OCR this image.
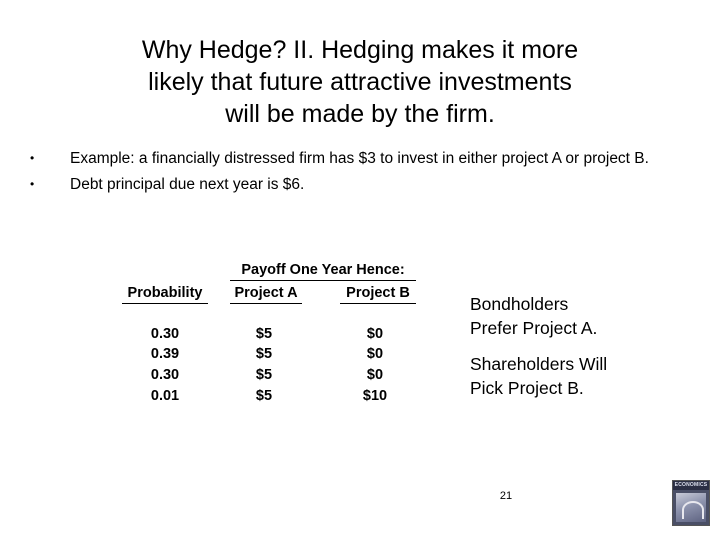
Why Hedge? II. Hedging makes it more
likely that future attractive investments
will be made by the firm.
• Example: a financially distressed firm has $3 to invest in either project A or project B.
• Debt principal due next year is $6.
Payoff One Year Hence:
Probability	Project A	Project B
0.30	$5	$0
0.39	$5	$0
0.30	$5	$0
0.01	$5	$10
Bondholders
Prefer Project A.
Shareholders Will
Pick Project B.
21
ECONOMICS
